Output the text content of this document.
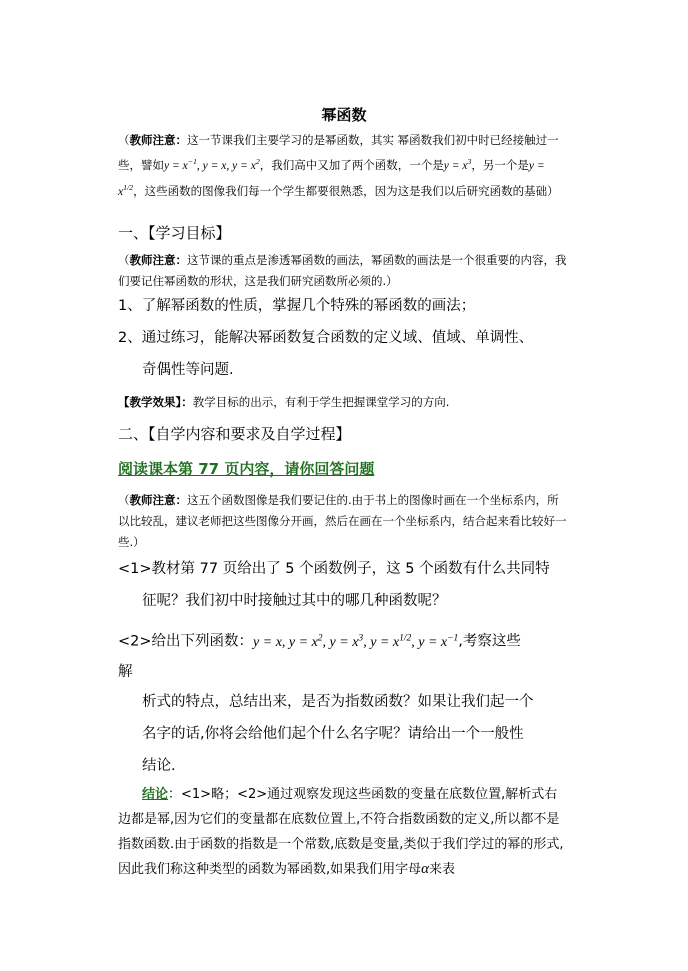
幂函数
（教师注意：这一节课我们主要学习的是幂函数，其实 幂函数我们初中时已经接触过一些，譬如$y = x^{-1}$, y = x, $y = x^2$，我们高中又加了两个函数，一个是$y = x^3$，另一个是$y = x^{1/2}$，这些函数的图像我们每一个学生都要很熟悉，因为这是我们以后研究函数的基础）
一、【学习目标】
（教师注意：这节课的重点是渗透幂函数的画法，幂函数的画法是一个很重要的内容，我们要记住幂函数的形状，这是我们研究函数所必须的.）
1、了解幂函数的性质，掌握几个特殊的幂函数的画法；
2、通过练习，能解决幂函数复合函数的定义域、值域、单调性、
奇偶性等问题.
【教学效果】：教学目标的出示，有利于学生把握课堂学习的方向.
二、【自学内容和要求及自学过程】
阅读课本第 77 页内容，请你回答问题
（教师注意：这五个函数图像是我们要记住的.由于书上的图像时画在一个坐标系内，所以比较乱，建议老师把这些图像分开画，然后在画在一个坐标系内，结合起来看比较好一些.）
<1>教材第 77 页给出了 5 个函数例子，这 5 个函数有什么共同特
征呢？我们初中时接触过其中的哪几种函数呢？
<2>给出下列函数：y = x, $y = x^2$, $y = x^3$, $y = x^{1/2}$, $y = x^{-1}$,考察这些
解
析式的特点，总结出来，是否为指数函数？如果让我们起一个
名字的话,你将会给他们起个什么名字呢？请给出一个一般性
结论.
结论：<1>略；<2>通过观察发现这些函数的变量在底数位置,解析式右边都是幂,因为它们的变量都在底数位置上,不符合指数函数的定义,所以都不是指数函数.由于函数的指数是一个常数,底数是变量,类似于我们学过的幂的形式,因此我们称这种类型的函数为幂函数,如果我们用字母α来表
